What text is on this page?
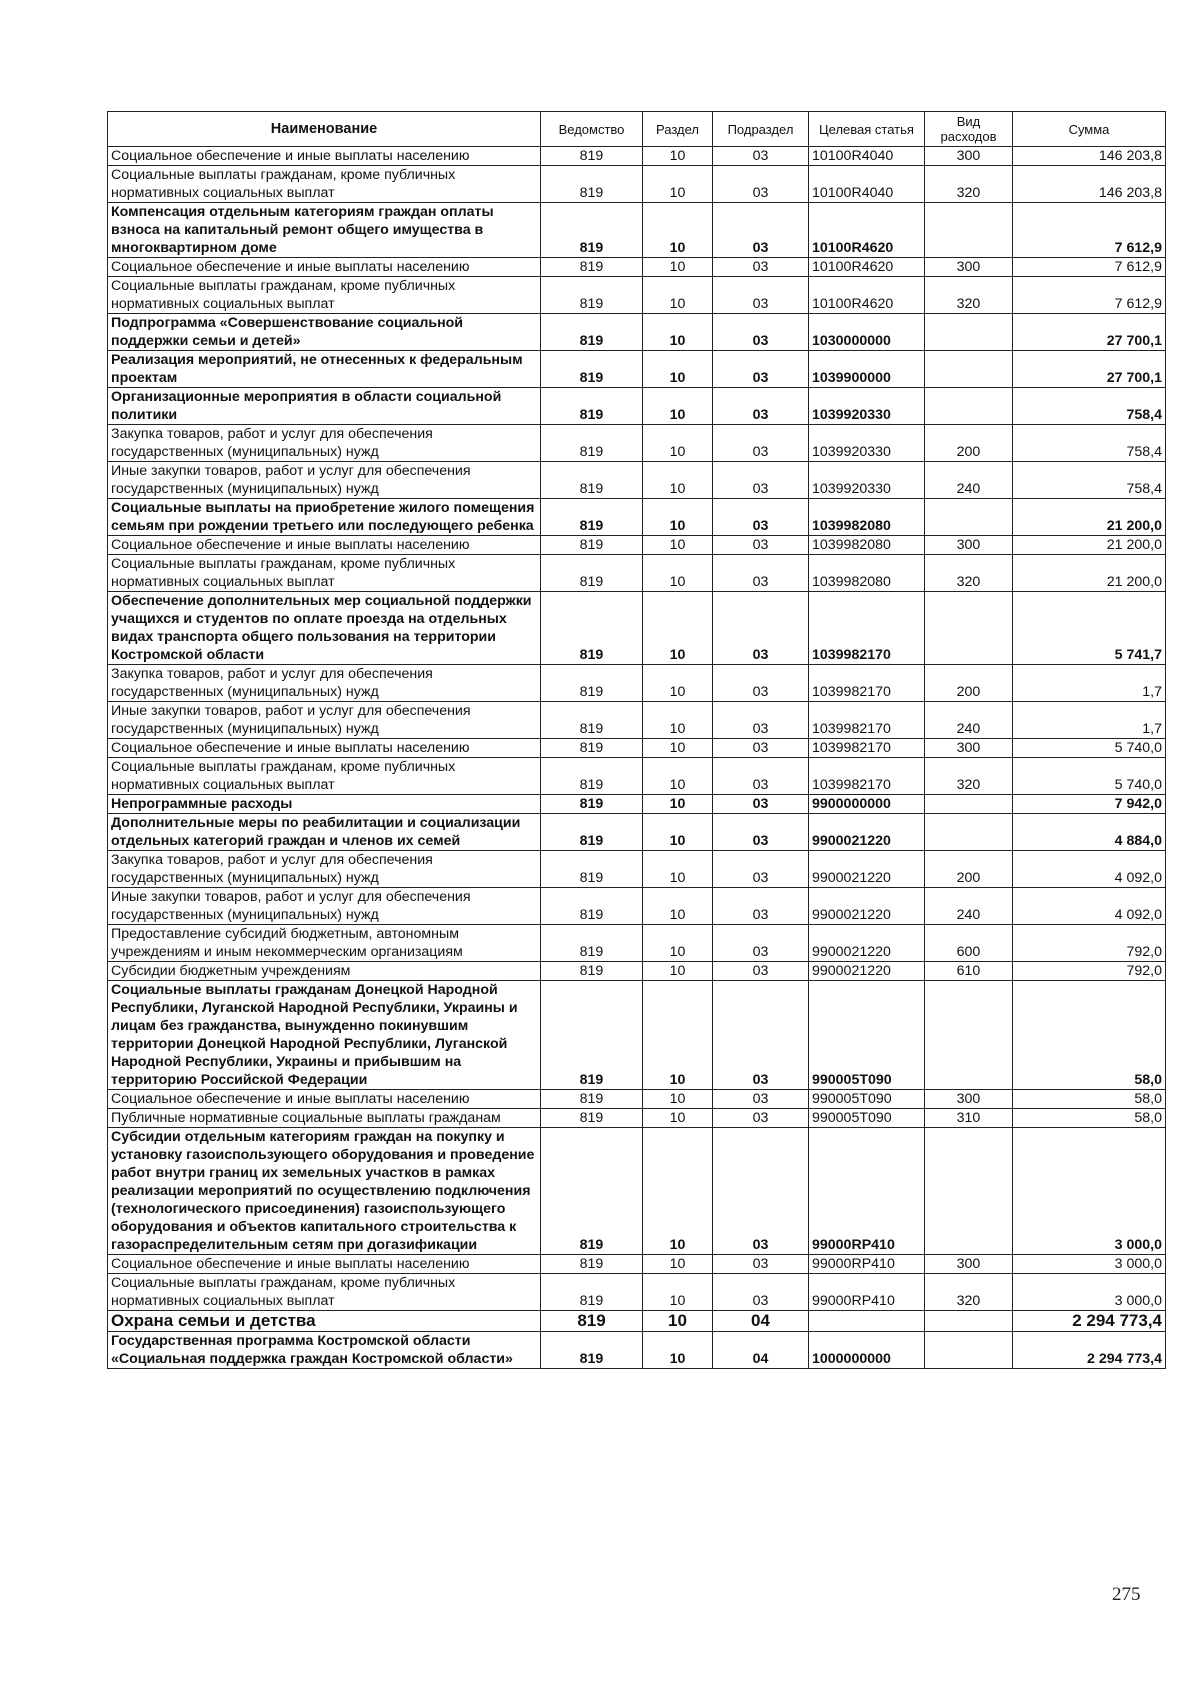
Наименование	Ведомство	Раздел	Подраздел	Целевая статья	Вид расходов	Сумма
Социальное обеспечение и иные выплаты населению	819	10	03	10100R4040	300	146 203,8
Социальные выплаты гражданам, кроме публичных нормативных социальных выплат	819	10	03	10100R4040	320	146 203,8
Компенсация отдельным категориям граждан оплаты взноса на капитальный ремонт общего имущества в многоквартирном доме	819	10	03	10100R4620		7 612,9
Социальное обеспечение и иные выплаты населению	819	10	03	10100R4620	300	7 612,9
Социальные выплаты гражданам, кроме публичных нормативных социальных выплат	819	10	03	10100R4620	320	7 612,9
Подпрограмма «Совершенствование социальной поддержки семьи и детей»	819	10	03	1030000000		27 700,1
Реализация мероприятий, не отнесенных к федеральным проектам	819	10	03	1039900000		27 700,1
Организационные мероприятия в области социальной политики	819	10	03	1039920330		758,4
Закупка товаров, работ и услуг для обеспечения государственных (муниципальных) нужд	819	10	03	1039920330	200	758,4
Иные закупки товаров, работ и услуг для обеспечения государственных (муниципальных) нужд	819	10	03	1039920330	240	758,4
Социальные выплаты на приобретение жилого помещения семьям при рождении третьего или последующего ребенка	819	10	03	1039982080		21 200,0
Социальное обеспечение и иные выплаты населению	819	10	03	1039982080	300	21 200,0
Социальные выплаты гражданам, кроме публичных нормативных социальных выплат	819	10	03	1039982080	320	21 200,0
Обеспечение дополнительных мер социальной поддержки учащихся и студентов по оплате проезда на отдельных видах транспорта общего пользования на территории Костромской области	819	10	03	1039982170		5 741,7
Закупка товаров, работ и услуг для обеспечения государственных (муниципальных) нужд	819	10	03	1039982170	200	1,7
Иные закупки товаров, работ и услуг для обеспечения государственных (муниципальных) нужд	819	10	03	1039982170	240	1,7
Социальное обеспечение и иные выплаты населению	819	10	03	1039982170	300	5 740,0
Социальные выплаты гражданам, кроме публичных нормативных социальных выплат	819	10	03	1039982170	320	5 740,0
Непрограммные расходы	819	10	03	9900000000		7 942,0
Дополнительные меры по реабилитации и социализации отдельных категорий граждан и членов их семей	819	10	03	9900021220		4 884,0
Закупка товаров, работ и услуг для обеспечения государственных (муниципальных) нужд	819	10	03	9900021220	200	4 092,0
Иные закупки товаров, работ и услуг для обеспечения государственных (муниципальных) нужд	819	10	03	9900021220	240	4 092,0
Предоставление субсидий бюджетным, автономным учреждениям и иным некоммерческим организациям	819	10	03	9900021220	600	792,0
Субсидии бюджетным учреждениям	819	10	03	9900021220	610	792,0
Социальные выплаты гражданам Донецкой Народной Республики, Луганской Народной Республики, Украины и лицам без гражданства, вынужденно покинувшим территории Донецкой Народной Республики, Луганской Народной Республики, Украины и прибывшим на территорию Российской Федерации	819	10	03	990005T090		58,0
Социальное обеспечение и иные выплаты населению	819	10	03	990005T090	300	58,0
Публичные нормативные социальные выплаты гражданам	819	10	03	990005T090	310	58,0
Субсидии отдельным категориям граждан на покупку и установку газоиспользующего оборудования и проведение работ внутри границ их земельных участков в рамках реализации мероприятий по осуществлению подключения (технологического присоединения) газоиспользующего оборудования и объектов капитального строительства к газораспределительным сетям при догазификации	819	10	03	99000RP410		3 000,0
Социальное обеспечение и иные выплаты населению	819	10	03	99000RP410	300	3 000,0
Социальные выплаты гражданам, кроме публичных нормативных социальных выплат	819	10	03	99000RP410	320	3 000,0
Охрана семьи и детства	819	10	04			2 294 773,4
Государственная программа Костромской области «Социальная поддержка граждан Костромской области»	819	10	04	1000000000		2 294 773,4
275
